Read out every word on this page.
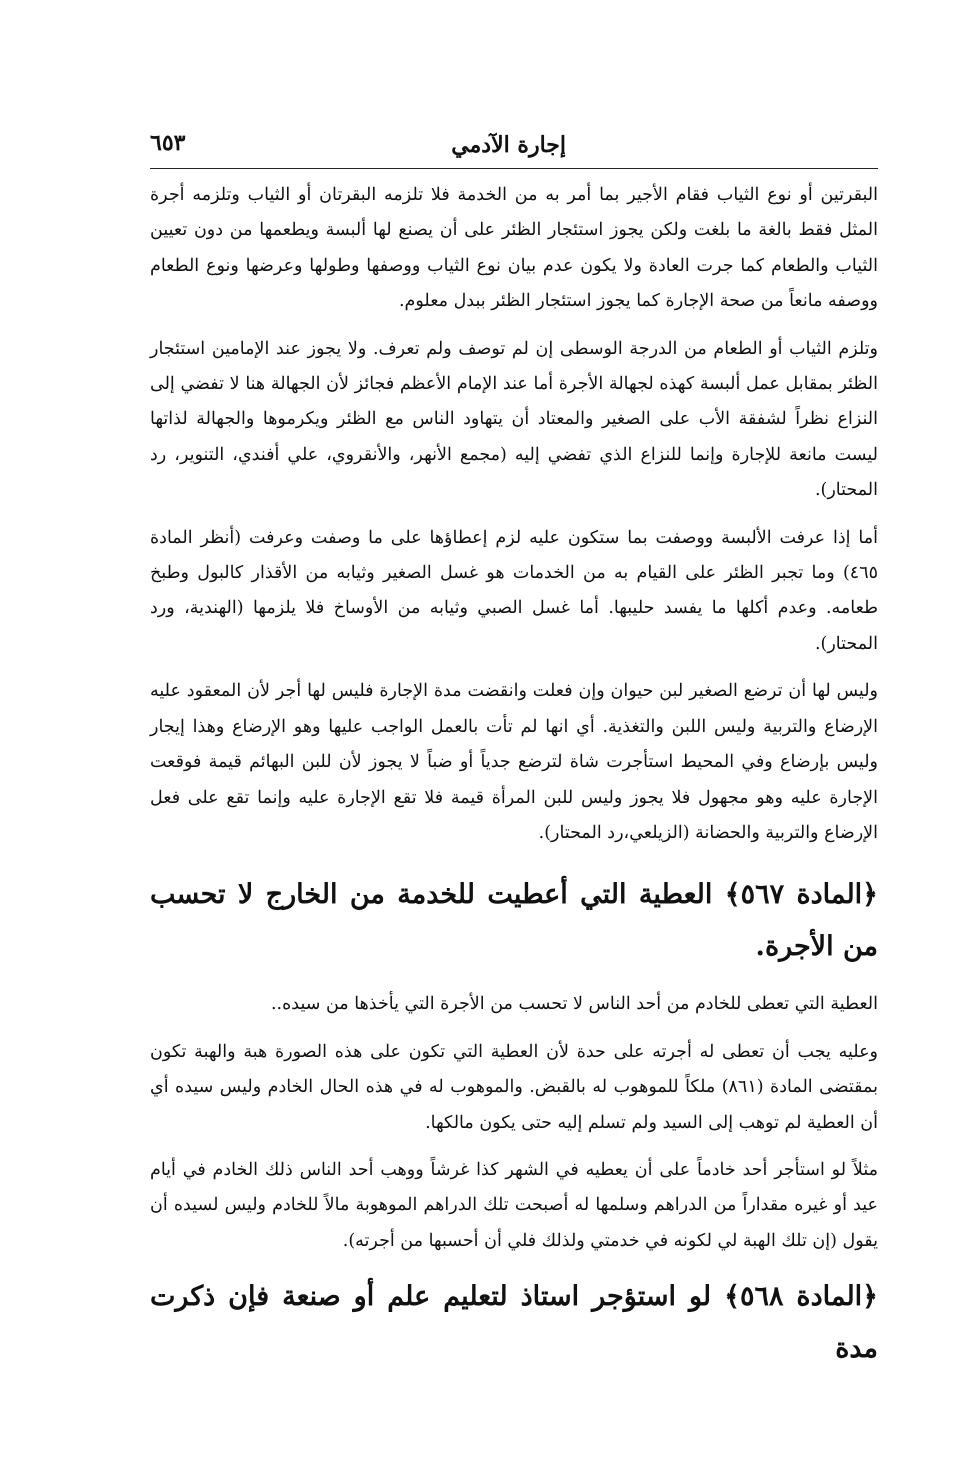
إجارة الآدمي
٦٥٣

البقرتين أو نوع الثياب فقام الأجير بما أمر به من الخدمة فلا تلزمه البقرتان أو الثياب وتلزمه أجرة المثل فقط بالغة ما بلغت ولكن يجوز استئجار الظئر على أن يصنع لها ألبسة ويطعمها من دون تعيين الثياب والطعام كما جرت العادة ولا يكون عدم بيان نوع الثياب ووصفها وطولها وعرضها ونوع الطعام ووصفه مانعاً من صحة الإجارة كما يجوز استئجار الظئر ببدل معلوم.

وتلزم الثياب أو الطعام من الدرجة الوسطى إن لم توصف ولم تعرف. ولا يجوز عند الإمامين استئجار الظئر بمقابل عمل ألبسة كهذه لجهالة الأجرة أما عند الإمام الأعظم فجائز لأن الجهالة هنا لا تفضي إلى النزاع نظراً لشفقة الأب على الصغير والمعتاد أن يتهاود الناس مع الظئر ويكرموها والجهالة لذاتها ليست مانعة للإجارة وإنما للنزاع الذي تفضي إليه (مجمع الأنهر، والأنقروي، علي أفندي، التنوير، رد المحتار).

أما إذا عرفت الألبسة ووصفت بما ستكون عليه لزم إعطاؤها على ما وصفت وعرفت (أنظر المادة ٤٦٥) وما تجبر الظئر على القيام به من الخدمات هو غسل الصغير وثيابه من الأقذار كالبول وطبخ طعامه. وعدم أكلها ما يفسد حليبها. أما غسل الصبي وثيابه من الأوساخ فلا يلزمها (الهندية، ورد المحتار).

وليس لها أن ترضع الصغير لبن حيوان وإن فعلت وانقضت مدة الإجارة فليس لها أجر لأن المعقود عليه الإرضاع والتربية وليس اللبن والتغذية. أي انها لم تأت بالعمل الواجب عليها وهو الإرضاع وهذا إيجار وليس بإرضاع وفي المحيط استأجرت شاة لترضع جدياً أو ضباً لا يجوز لأن للبن البهائم قيمة فوقعت الإجارة عليه وهو مجهول فلا يجوز وليس للبن المرأة قيمة فلا تقع الإجارة عليه وإنما تقع على فعل الإرضاع والتربية والحضانة (الزيلعي،رد المحتار).

﴿المادة ٥٦٧﴾ العطية التي أعطيت للخدمة من الخارج لا تحسب من الأجرة.

العطية التي تعطى للخادم من أحد الناس لا تحسب من الأجرة التي يأخذها من سيده..

وعليه يجب أن تعطى له أجرته على حدة لأن العطية التي تكون على هذه الصورة هبة والهبة تكون بمقتضى المادة (٨٦١) ملكاً للموهوب له بالقبض. والموهوب له في هذه الحال الخادم وليس سيده أي أن العطية لم توهب إلى السيد ولم تسلم إليه حتى يكون مالكها.

مثلاً لو استأجر أحد خادماً على أن يعطيه في الشهر كذا غرشاً ووهب أحد الناس ذلك الخادم في أيام عيد أو غيره مقداراً من الدراهم وسلمها له أصبحت تلك الدراهم الموهوبة مالاً للخادم وليس لسيده أن يقول (إن تلك الهبة لي لكونه في خدمتي ولذلك فلي أن أحسبها من أجرته).

﴿المادة ٥٦٨﴾ لو استؤجر استاذ لتعليم علم أو صنعة فإن ذكرت مدة
